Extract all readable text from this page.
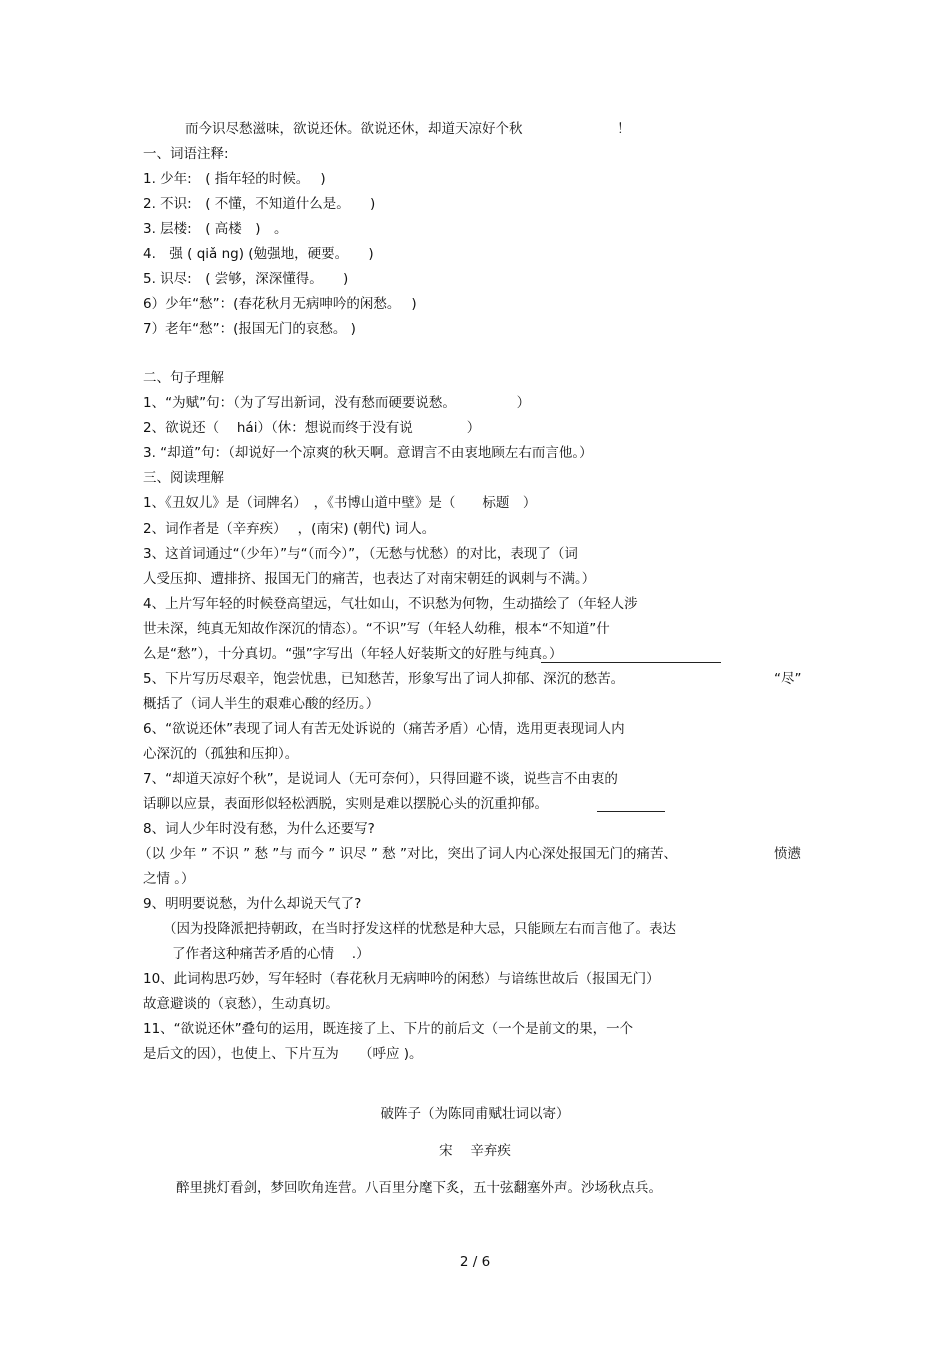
而今识尽愁滋味，欲说还休。欲说还休，却道天凉好个秋　　　　　　　！
一、词语注释:
1. 少年:　( 指年轻的时候。　 )
2. 不识:　( 不懂，不知道什么是。　　)
3. 层楼:　( 高楼　)　。
4.　强 ( qiǎ ng) (勉强地，硬要。　　)
5. 识尽:　( 尝够，深深懂得。　　)
6）少年“愁”：(春花秋月无病呻吟的闲愁。　 )
7）老年“愁”：(报国无门的哀愁。 )
二、句子理解
1、“为赋”句：（为了写出新词，没有愁而硬要说愁。　　　　　）
2、欲说还（　 hái）（休：想说而终于没有说　　　　）
3. “却道”句：（却说好一个凉爽的秋天啊。意谓言不由衷地顾左右而言他。）
三、阅读理解
1、《丑奴儿》是（词牌名）　，《书博山道中壁》是（　　标题　）
2、词作者是（辛弃疾）　 ，(南宋) (朝代) 词人。
3、这首词通过“（少年）”与“（而今）”，（无愁与忧愁）的对比，表现了（词
人受压抑、遭排挤、报国无门的痛苦，也表达了对南宋朝廷的讽刺与不满。）
4、上片写年轻的时候登高望远，气壮如山，不识愁为何物，生动描绘了（年轻人涉
世未深，纯真无知故作深沉的情态）。“不识”写（年轻人幼稚，根本“不知道”什
么是“愁”），十分真切。“强”字写出（年轻人好装斯文的好胜与纯真。）
5、下片写历尽艰辛，饱尝忧患，已知愁苦，形象写出了词人抑郁、深沉的愁苦。	“尽”
概括了（词人半生的艰难心酸的经历。）
6、“欲说还休”表现了词人有苦无处诉说的（痛苦矛盾）心情，选用更表现词人内
心深沉的（孤独和压抑）。
7、“却道天凉好个秋”，是说词人（无可奈何），只得回避不谈，说些言不由衷的
话聊以应景，表面形似轻松洒脱，实则是难以摆脱心头的沉重抑郁。
8、词人少年时没有愁，为什么还要写?
（以 少年 ” 不识 ” 愁 ”与 而今 ” 识尽 ” 愁 ”对比，突出了词人内心深处报国无门的痛苦、	愤懑
之情 。）
9、明明要说愁，为什么却说天气了?
（因为投降派把持朝政，在当时抒发这样的忧愁是种大忌，只能顾左右而言他了。表达
了作者这种痛苦矛盾的心情　 .）
10、此词构思巧妙，写年轻时（春花秋月无病呻吟的闲愁）与谙练世故后（报国无门）
故意避谈的（哀愁），生动真切。
11、“欲说还休”叠句的运用，既连接了上、下片的前后文（一个是前文的果，一个
是后文的因），也使上、下片互为　　（呼应 )。
破阵子（为陈同甫赋壮词以寄）
宋　 辛弃疾
醉里挑灯看剑，梦回吹角连营。八百里分麾下炙，五十弦翻塞外声。沙场秋点兵。
2 / 6
